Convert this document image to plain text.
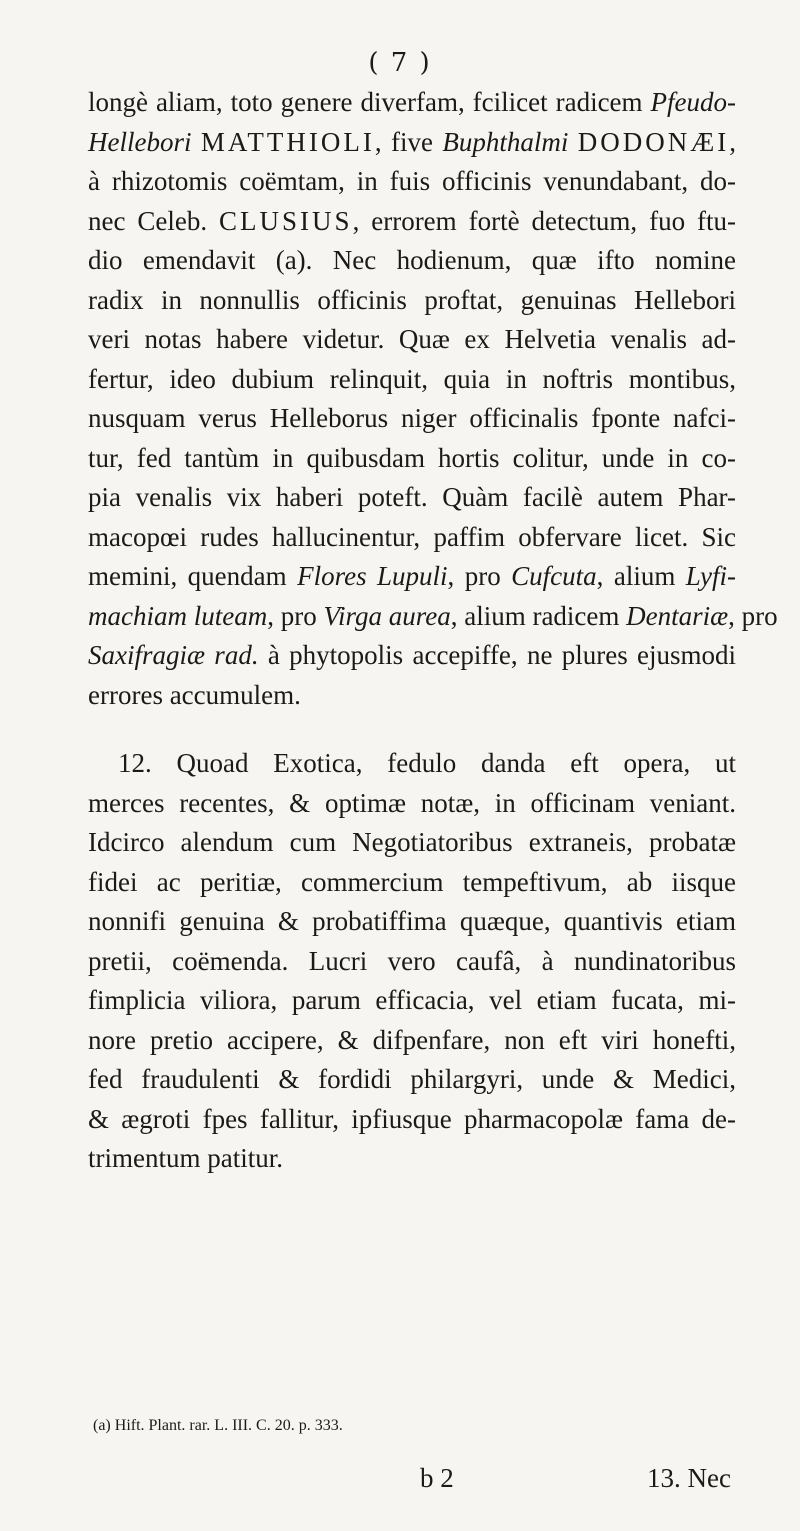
( 7 )
longè aliam, toto genere diverfam, fcilicet radicem Pfeudo-
Hellebori MATTHIOLI, five Buphthalmi DODONÆI,
à rhizotomis coëmtam, in fuis officinis venundabant, do-
nec Celeb. CLUSIUS, errorem fortè detectum, fuo ftu-
dio emendavit (a). Nec hodienum, quæ ifto nomine
radix in nonnullis officinis proftat, genuinas Hellebori
veri notas habere videtur. Quæ ex Helvetia venalis ad-
fertur, ideo dubium relinquit, quia in noftris montibus,
nusquam verus Helleborus niger officinalis fponte nafci-
tur, fed tantùm in quibusdam hortis colitur, unde in co-
pia venalis vix haberi poteft. Quàm facilè autem Phar-
macopœi rudes hallucinentur, paffim obfervare licet. Sic
memini, quendam Flores Lupuli, pro Cufcuta, alium Lyfi-
machiam luteam, pro Virga aurea, alium radicem Dentariæ, pro
Saxifragiæ rad. à phytopolis accepiffe, ne plures ejusmodi
errores accumulem.
12. Quoad Exotica, fedulo danda eft opera, ut
merces recentes, & optimæ notæ, in officinam veniant.
Idcirco alendum cum Negotiatoribus extraneis, probatæ
fidei ac peritiæ, commercium tempeftivum, ab iisque
nonnifi genuina & probatiffima quæque, quantivis etiam
pretii, coëmenda. Lucri vero caufâ, à nundinatoribus
fimplicia viliora, parum efficacia, vel etiam fucata, mi-
nore pretio accipere, & difpenfare, non eft viri honefti,
fed fraudulenti & fordidi philargyri, unde & Medici,
& ægroti fpes fallitur, ipfiusque pharmacopolæ fama de-
trimentum patitur.
(a) Hift. Plant. rar. L. III. C. 20. p. 333.
b 2	13. Nec
